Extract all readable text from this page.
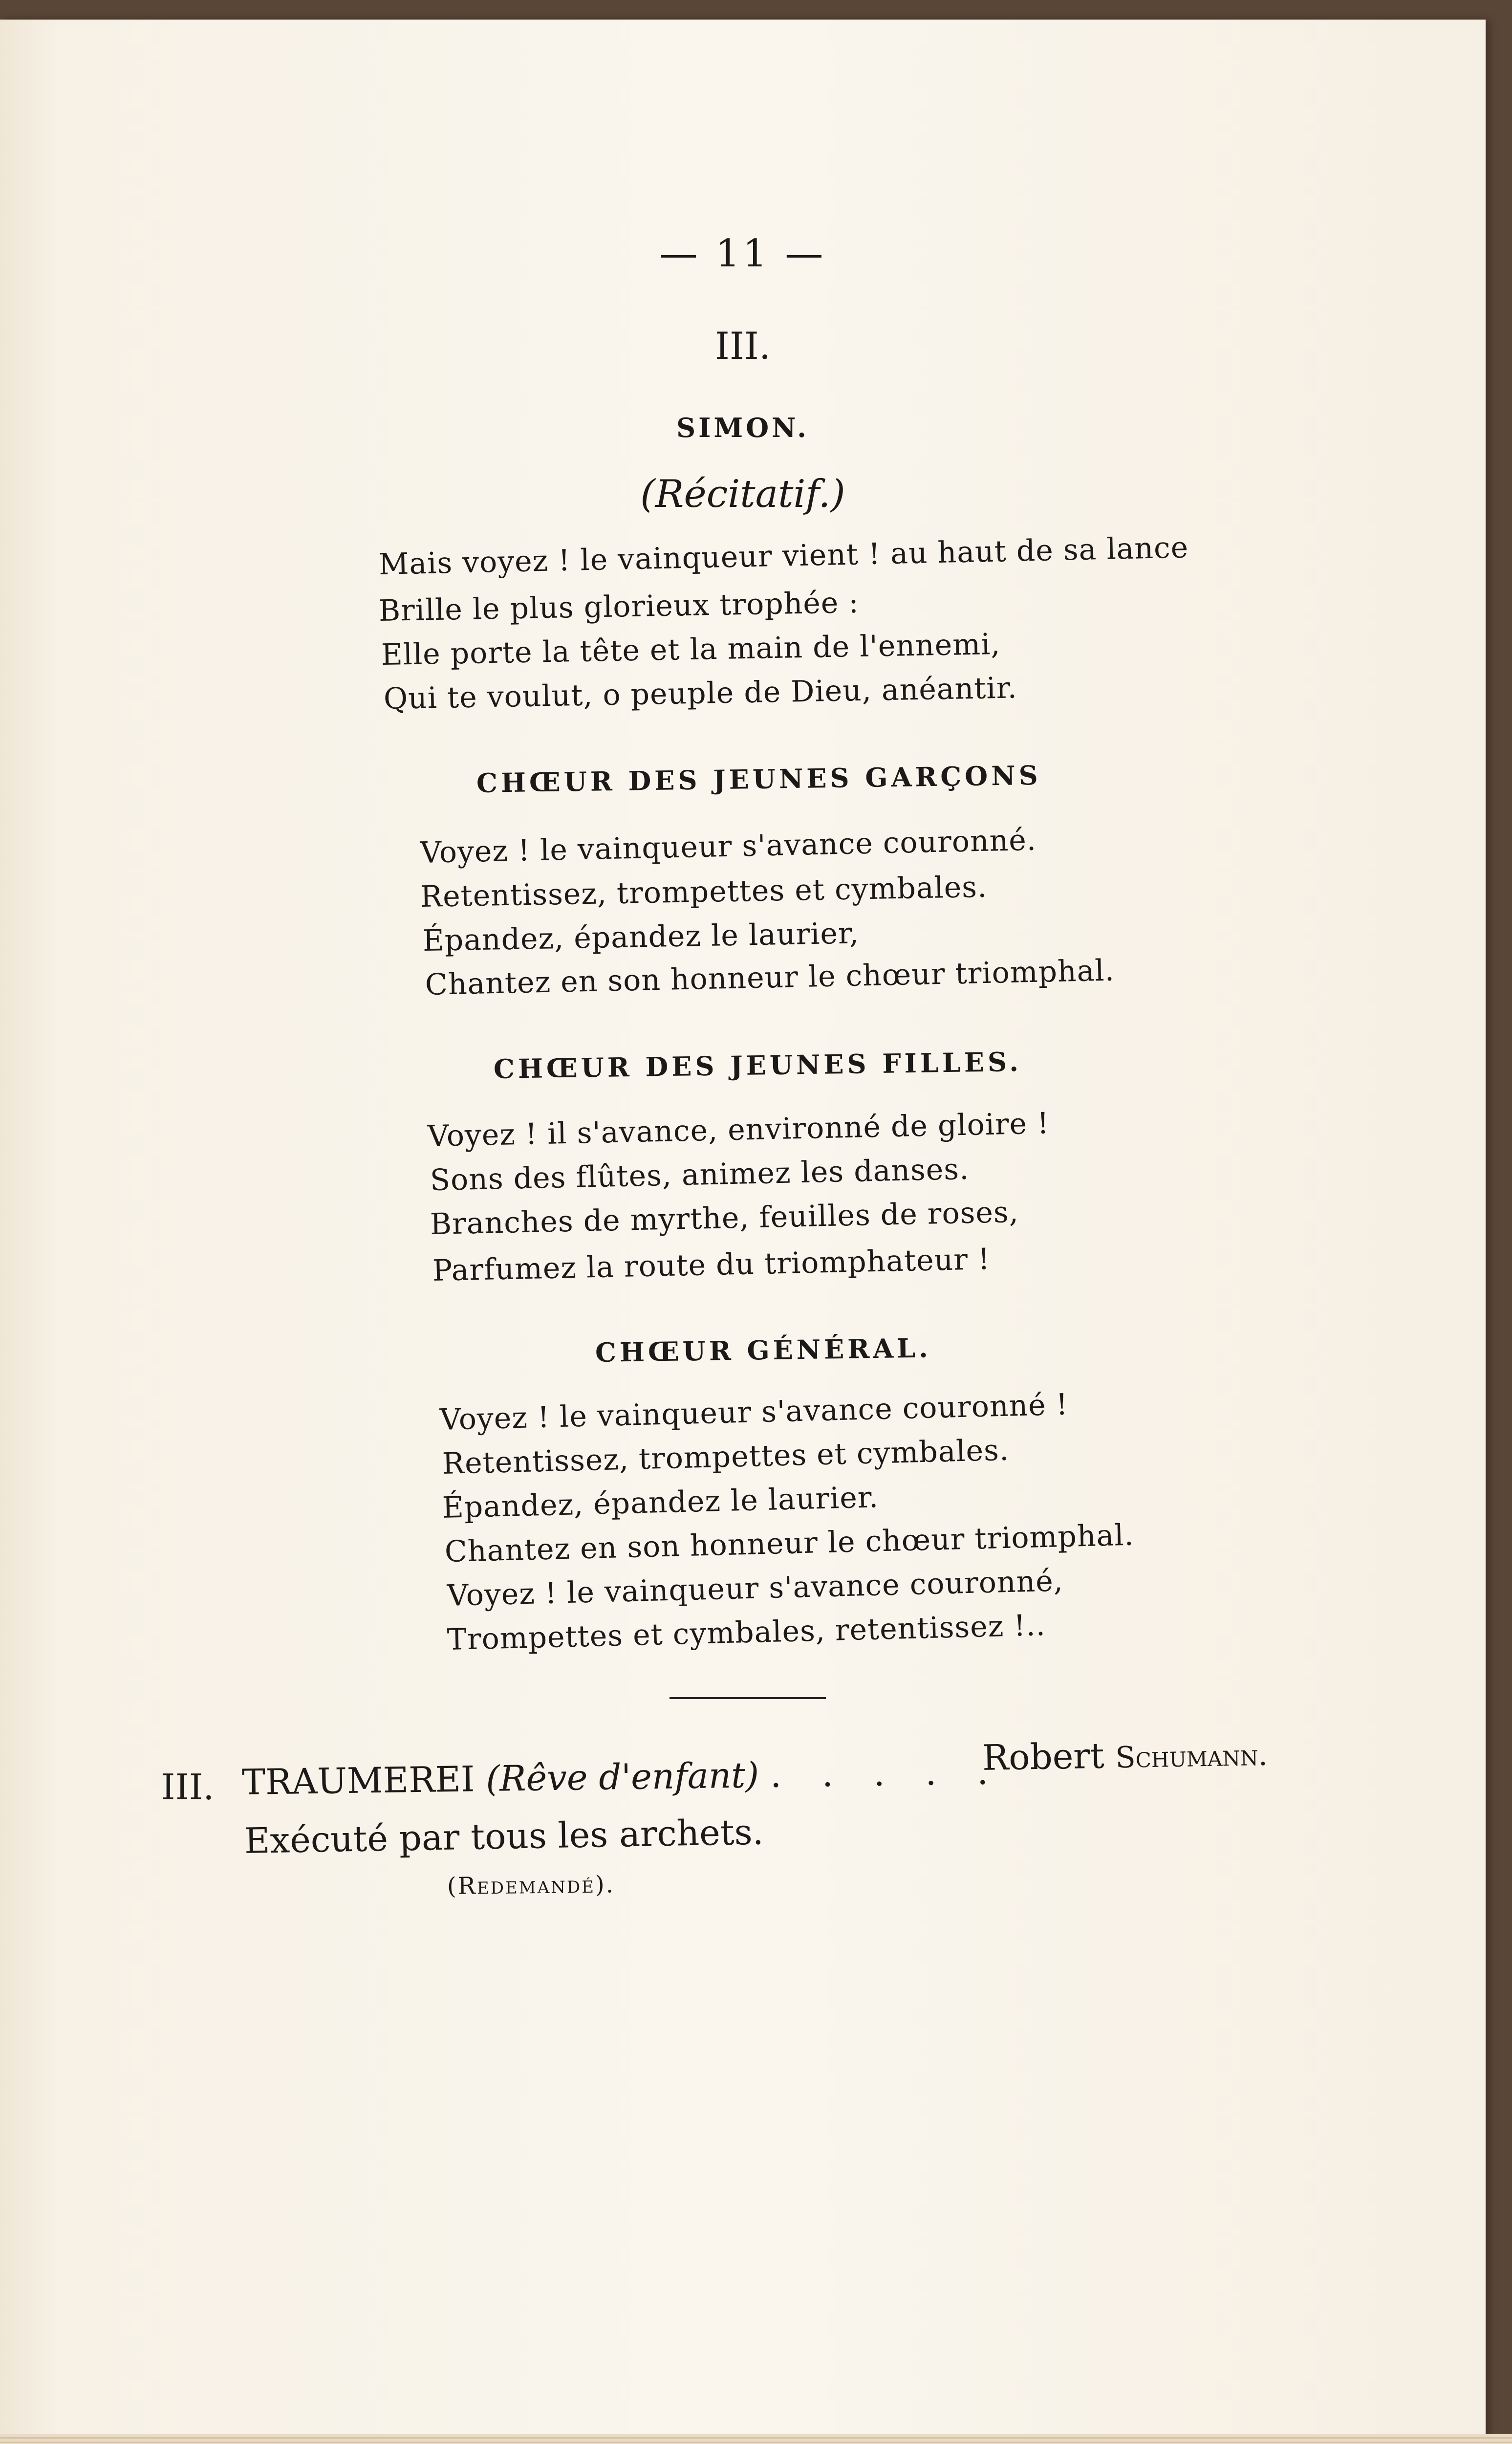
— 11 —
III.
SIMON.
(Récitatif.)
Mais voyez ! le vainqueur vient ! au haut de sa lance
Brille le plus glorieux trophée :
Elle porte la tête et la main de l'ennemi,
Qui te voulut, o peuple de Dieu, anéantir.
CHŒUR DES JEUNES GARÇONS
Voyez ! le vainqueur s'avance couronné.
Retentissez, trompettes et cymbales.
Épandez, épandez le laurier,
Chantez en son honneur le chœur triomphal.
CHŒUR DES JEUNES FILLES.
Voyez ! il s'avance, environné de gloire !
Sons des flûtes, animez les danses.
Branches de myrthe, feuilles de roses,
Parfumez la route du triomphateur !
CHŒUR GÉNÉRAL.
Voyez ! le vainqueur s'avance couronné !
Retentissez, trompettes et cymbales.
Épandez, épandez le laurier.
Chantez en son honneur le chœur triomphal.
Voyez ! le vainqueur s'avance couronné,
Trompettes et cymbales, retentissez !..
III. TRAUMEREI (Rêve d'enfant) . . . . .
Robert Schumann.
Exécuté par tous les archets.
(Redemandé).
